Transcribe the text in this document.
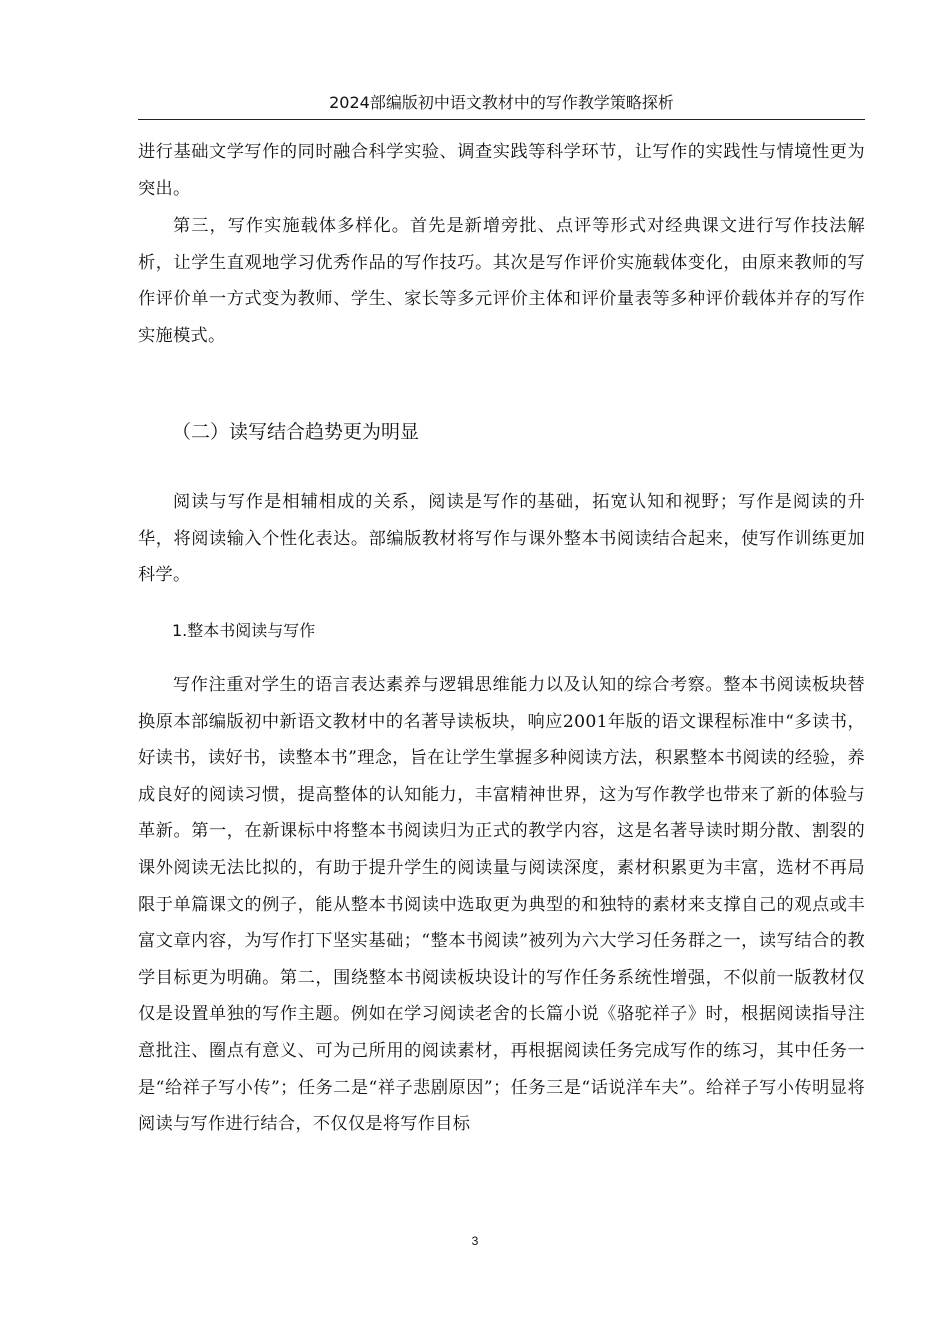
2024部编版初中语文教材中的写作教学策略探析

进行基础文学写作的同时融合科学实验、调查实践等科学环节，让写作的实践性与情境性更为突出。

第三，写作实施载体多样化。首先是新增旁批、点评等形式对经典课文进行写作技法解析，让学生直观地学习优秀作品的写作技巧。其次是写作评价实施载体变化，由原来教师的写作评价单一方式变为教师、学生、家长等多元评价主体和评价量表等多种评价载体并存的写作实施模式。

（二）读写结合趋势更为明显

阅读与写作是相辅相成的关系，阅读是写作的基础，拓宽认知和视野；写作是阅读的升华，将阅读输入个性化表达。部编版教材将写作与课外整本书阅读结合起来，使写作训练更加科学。

1.整本书阅读与写作

写作注重对学生的语言表达素养与逻辑思维能力以及认知的综合考察。整本书阅读板块替换原本部编版初中新语文教材中的名著导读板块，响应2001年版的语文课程标准中“多读书，好读书，读好书，读整本书”理念，旨在让学生掌握多种阅读方法，积累整本书阅读的经验，养成良好的阅读习惯，提高整体的认知能力，丰富精神世界，这为写作教学也带来了新的体验与革新。第一，在新课标中将整本书阅读归为正式的教学内容，这是名著导读时期分散、割裂的课外阅读无法比拟的，有助于提升学生的阅读量与阅读深度，素材积累更为丰富，选材不再局限于单篇课文的例子，能从整本书阅读中选取更为典型的和独特的素材来支撑自己的观点或丰富文章内容，为写作打下坚实基础；“整本书阅读”被列为六大学习任务群之一，读写结合的教学目标更为明确。第二，围绕整本书阅读板块设计的写作任务系统性增强，不似前一版教材仅仅是设置单独的写作主题。例如在学习阅读老舍的长篇小说《骆驼祥子》时，根据阅读指导注意批注、圈点有意义、可为己所用的阅读素材，再根据阅读任务完成写作的练习，其中任务一是“给祥子写小传”；任务二是“祥子悲剧原因”；任务三是“话说洋车夫”。给祥子写小传明显将阅读与写作进行结合，不仅仅是将写作目标

3
